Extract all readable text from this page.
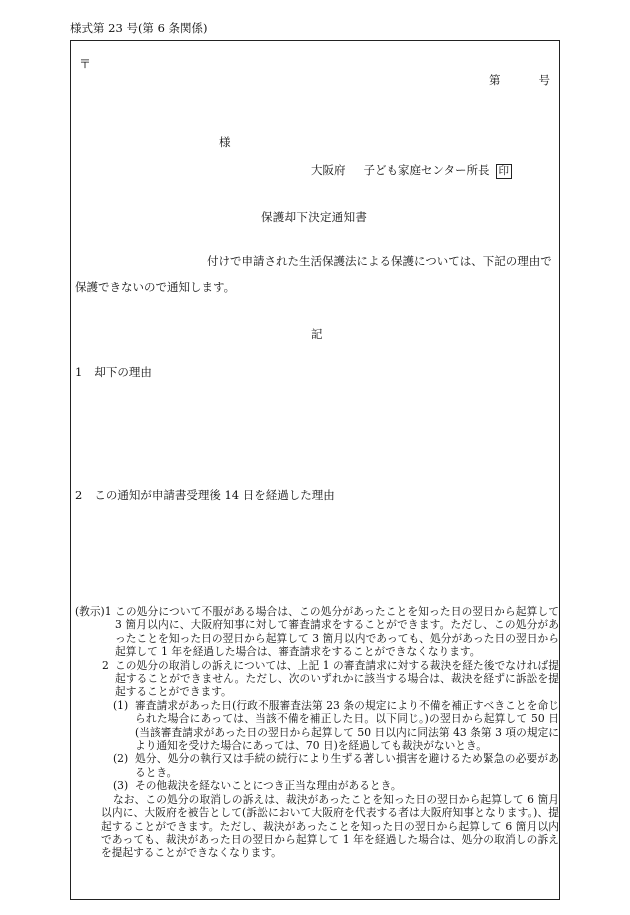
様式第 23 号(第 6 条関係)
〒
第	号
様
大阪府 子ども家庭センター所長 印
保護却下決定通知書
付けで申請された生活保護法による保護については、下記の理由で
保護できないので通知します。
記
1 却下の理由
2 この通知が申請書受理後 14 日を経過した理由
(教示)1 この処分について不服がある場合は、この処分があったことを知った日の翌日から起算して 3 箇月以内に、大阪府知事に対して審査請求をすることができます。ただし、この処分があったことを知った日の翌日から起算して 3 箇月以内であっても、処分があった日の翌日から起算して 1 年を経過した場合は、審査請求をすることができなくなります。
2 この処分の取消しの訴えについては、上記 1 の審査請求に対する裁決を経た後でなければ提起することができません。ただし、次のいずれかに該当する場合は、裁決を経ずに訴訟を提起することができます。
(1) 審査請求があった日(行政不服審査法第 23 条の規定により不備を補正すべきことを命じられた場合にあっては、当該不備を補正した日。以下同じ。)の翌日から起算して 50 日(当該審査請求があった日の翌日から起算して 50 日以内に同法第 43 条第 3 項の規定により通知を受けた場合にあっては、70 日)を経過しても裁決がないとき。
(2) 処分、処分の執行又は手続の続行により生ずる著しい損害を避けるため緊急の必要があるとき。
(3) その他裁決を経ないことにつき正当な理由があるとき。
なお、この処分の取消しの訴えは、裁決があったことを知った日の翌日から起算して 6 箇月以内に、大阪府を被告として(訴訟において大阪府を代表する者は大阪府知事となります。)、提起することができます。ただし、裁決があったことを知った日の翌日から起算して 6 箇月以内であっても、裁決があった日の翌日から起算して 1 年を経過した場合は、処分の取消しの訴えを提起することができなくなります。
